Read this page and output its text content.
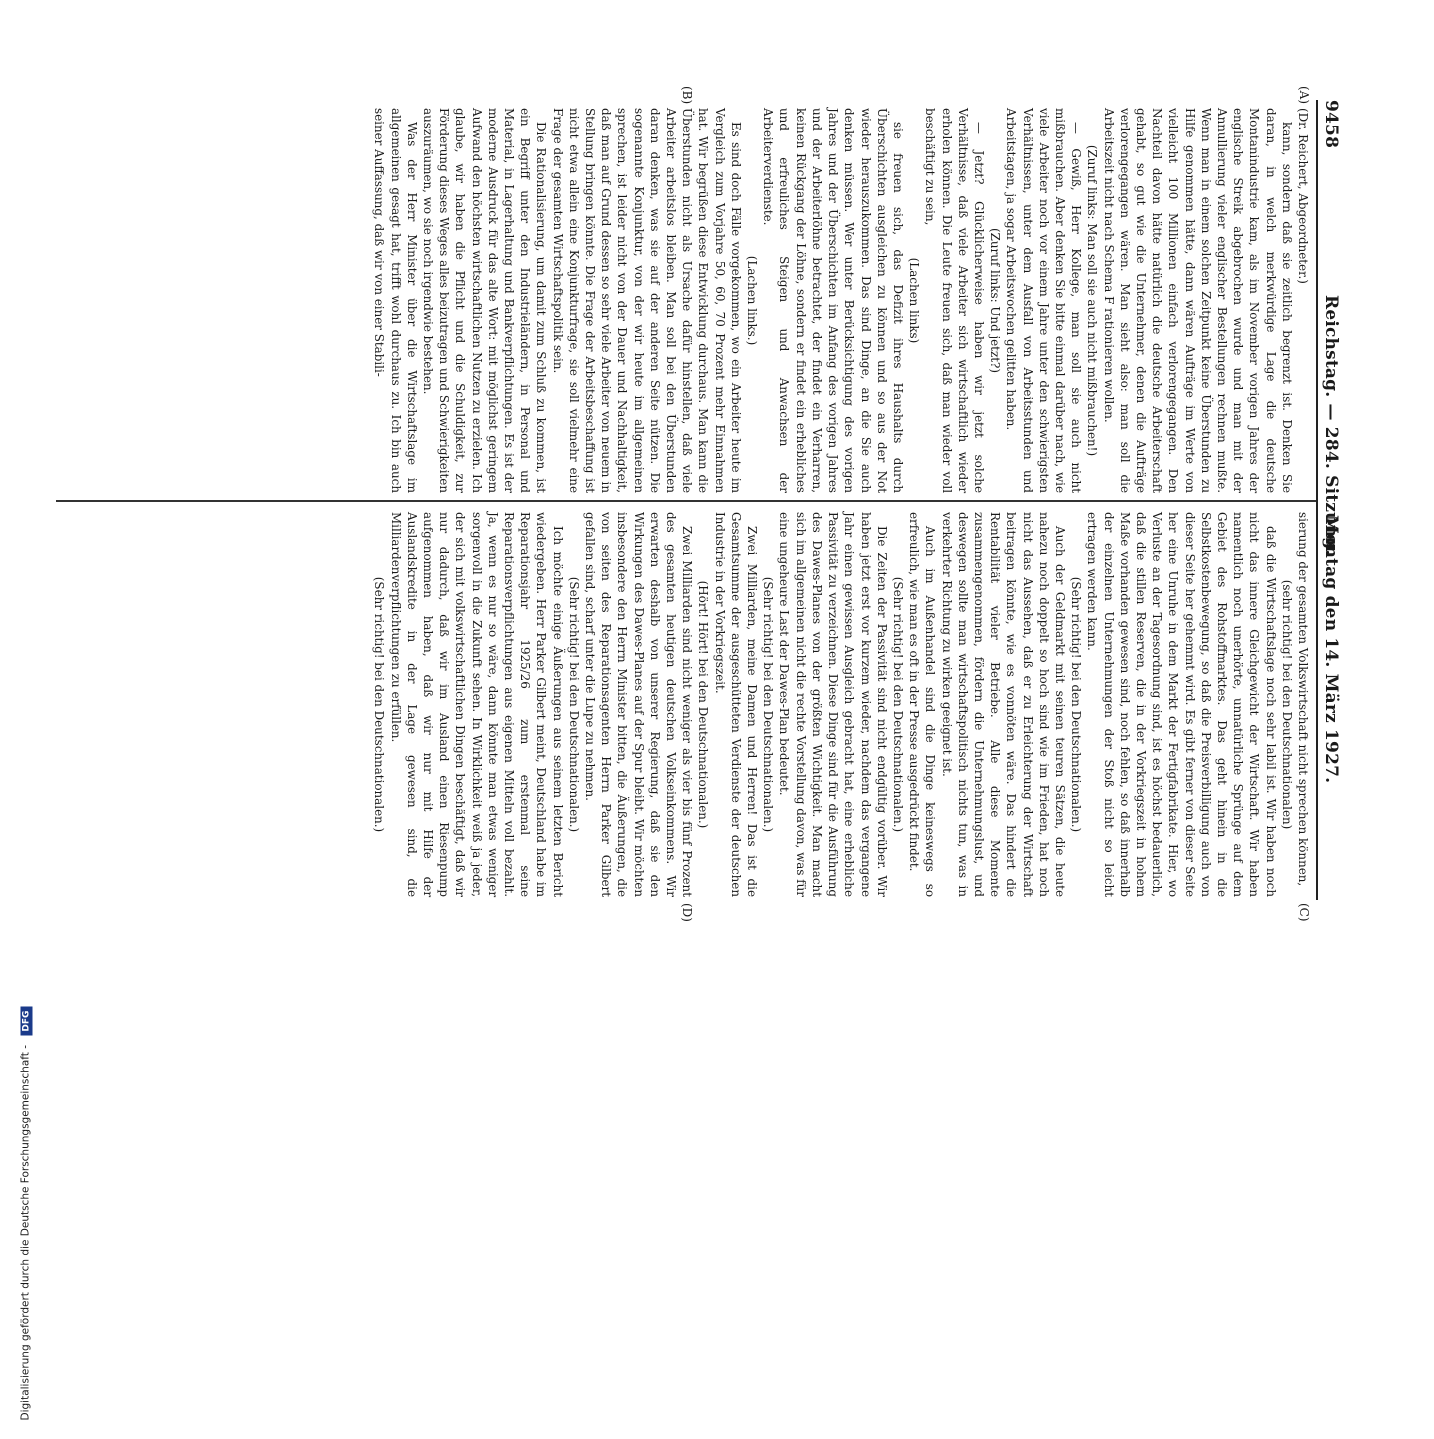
9458
Reichstag. — 284. Sitzung.
Montag den 14. März 1927.
(A)
(B)
(C)
(D)

(Dr. Reichert, Abgeordneter.)

kann, sondern daß sie zeitlich begrenzt ist. Denken Sie daran, in welch merkwürdige Lage die deutsche Montanindustrie kam, als im November vorigen Jahres der englische Streik abgebrochen wurde und man mit der Annullierung vieler englischer Bestellungen rechnen mußte. Wenn man in einem solchen Zeitpunkt keine Überstunden zu Hilfe genommen hätte, dann wären Aufträge im Werte von vielleicht 100 Millionen einfach verlorengegangen. Den Nachteil davon hätte natürlich die deutsche Arbeiterschaft gehabt, so gut wie die Unternehmer, denen die Aufträge verlorengegangen wären. Man sieht also: man soll die Arbeitszeit nicht nach Schema F rationieren wollen.

(Zuruf links: Man soll sie auch nicht mißbrauchen!)

— Gewiß, Herr Kollege, man soll sie auch nicht mißbrauchen. Aber denken Sie bitte einmal darüber nach, wie viele Arbeiter noch vor einem Jahre unter den schwierigsten Verhältnissen, unter dem Ausfall von Arbeitsstunden und Arbeitstagen, ja sogar Arbeitswochen gelitten haben.

(Zuruf links: Und jetzt?)

— Jetzt? Glücklicherweise haben wir jetzt solche Verhältnisse, daß viele Arbeiter sich wirtschaftlich wieder erholen können. Die Leute freuen sich, daß man wieder voll beschäftigt zu sein,

(Lachen links)

sie freuen sich, das Defizit ihres Haushalts durch Überschichten ausgleichen zu können und so aus der Not wieder herauszukommen. Das sind Dinge, an die Sie auch denken müssen. Wer unter Berücksichtigung des vorigen Jahres und der Überschichten im Anfang des vorigen Jahres und der Arbeiterlöhne betrachtet, der findet ein Verharren, keinen Rückgang der Löhne, sondern er findet ein erhebliches und erfreuliches Steigen und Anwachsen der Arbeiterverdienste.

(Lachen links.)

Es sind doch Fälle vorgekommen, wo ein Arbeiter heute im Vergleich zum Vorjahre 50, 60, 70 Prozent mehr Einnahmen hat. Wir begrüßen diese Entwicklung durchaus. Man kann die Überstunden nicht als Ursache dafür hinstellen, daß viele Arbeiter arbeitslos bleiben. Man soll bei den Überstunden daran denken, was sie auf der anderen Seite nützen. Die sogenannte Konjunktur, von der wir heute im allgemeinen sprechen, ist leider nicht von der Dauer und Nachhaltigkeit, daß man auf Grund dessen so sehr viele Arbeiter von neuem in Stellung bringen könnte. Die Frage der Arbeitsbeschaffung ist nicht etwa allein eine Konjunkturfrage, sie soll vielmehr eine Frage der gesamten Wirtschaftspolitik sein.

Die Rationalisierung, um damit zum Schluß zu kommen, ist ein Begriff unter den Industrieländern, in Personal und Material, in Lagerhaltung und Bankverpflichtungen. Es ist der moderne Ausdruck für das alte Wort: mit möglichst geringem Aufwand den höchsten wirtschaftlichen Nutzen zu erzielen. Ich glaube, wir haben die Pflicht und die Schuldigkeit, zur Förderung dieses Weges alles beizutragen und Schwierigkeiten auszuräumen, wo sie noch irgendwie bestehen.

Was der Herr Minister über die Wirtschaftslage im allgemeinen gesagt hat, trifft wohl durchaus zu. Ich bin auch seiner Auffassung, daß wir von einer Stabili-

sierung der gesamten Volkswirtschaft nicht sprechen können,

(sehr richtig! bei den Deutschnationalen)

daß die Wirtschaftslage noch sehr labil ist. Wir haben noch nicht das innere Gleichgewicht der Wirtschaft. Wir haben namentlich noch unerhörte, unnatürliche Sprünge auf dem Gebiet des Rohstoffmarktes. Das geht hinein in die Selbstkostenbewegung, so daß die Preisverbilligung auch von dieser Seite her gehemmt wird. Es gibt ferner von dieser Seite her eine Unruhe in dem Markt der Fertigfabrikate. Hier, wo Verluste an der Tagesordnung sind, ist es höchst bedauerlich, daß die stillen Reserven, die in der Vorkriegszeit in hohem Maße vorhanden gewesen sind, noch fehlen, so daß innerhalb der einzelnen Unternehmungen der Stoß nicht so leicht ertragen werden kann.

(Sehr richtig! bei den Deutschnationalen.)

Auch der Geldmarkt mit seinen teuren Sätzen, die heute nahezu noch doppelt so hoch sind wie im Frieden, hat noch nicht das Aussehen, daß er zu Erleichterung der Wirtschaft beitragen könnte, wie es vonnöten wäre. Das hindert die Rentabilität vieler Betriebe. Alle diese Momente zusammengenommen, fördern die Unternehmungslust, und deswegen sollte man wirtschaftspolitisch nichts tun, was in verkehrter Richtung zu wirken geeignet ist.

Auch im Außenhandel sind die Dinge keineswegs so erfreulich, wie man es oft in der Presse ausgedrückt findet.

(Sehr richtig! bei den Deutschnationalen.)

Die Zeiten der Passivität sind nicht endgültig vorüber. Wir haben jetzt erst vor kurzem wieder, nachdem das vergangene Jahr einen gewissen Ausgleich gebracht hat, eine erhebliche Passivität zu verzeichnen. Diese Dinge sind für die Ausführung des Dawes-Planes von der größten Wichtigkeit. Man macht sich im allgemeinen nicht die rechte Vorstellung davon, was für eine ungeheure Last der Dawes-Plan bedeutet.

(Sehr richtig! bei den Deutschnationalen.)

Zwei Milliarden, meine Damen und Herren! Das ist die Gesamtsumme der ausgeschütteten Verdienste der deutschen Industrie in der Vorkriegszeit.

(Hört! Hört! bei den Deutschnationalen.)

Zwei Milliarden sind nicht weniger als vier bis fünf Prozent des gesamten heutigen deutschen Volkseinkommens. Wir erwarten deshalb von unserer Regierung, daß sie den Wirkungen des Dawes-Planes auf der Spur bleibt. Wir möchten insbesondere den Herrn Minister bitten, die Äußerungen, die von seiten des Reparationsagenten Herrn Parker Gilbert gefallen sind, scharf unter die Lupe zu nehmen.

(Sehr richtig! bei den Deutschnationalen.)

Ich möchte einige Äußerungen aus seinem letzten Bericht wiedergeben. Herr Parker Gilbert meint, Deutschland habe im Reparationsjahr 1925/26 zum erstenmal seine Reparationsverpflichtungen aus eigenen Mitteln voll bezahlt. Ja, wenn es nur so wäre, dann könnte man etwas weniger sorgenvoll in die Zukunft sehen. In Wirklichkeit weiß ja jeder, der sich mit volkswirtschaftlichen Dingen beschäftigt, daß wir nur dadurch, daß wir im Ausland einen Riesenpump aufgenommen haben, daß wir nur mit Hilfe der Auslandskredite in der Lage gewesen sind, die Milliardenverpflichtungen zu erfüllen.

(Sehr richtig! bei den Deutschnationalen.)

Digitalisierung gefördert durch die Deutsche Forschungsgemeinschaft - DFG
